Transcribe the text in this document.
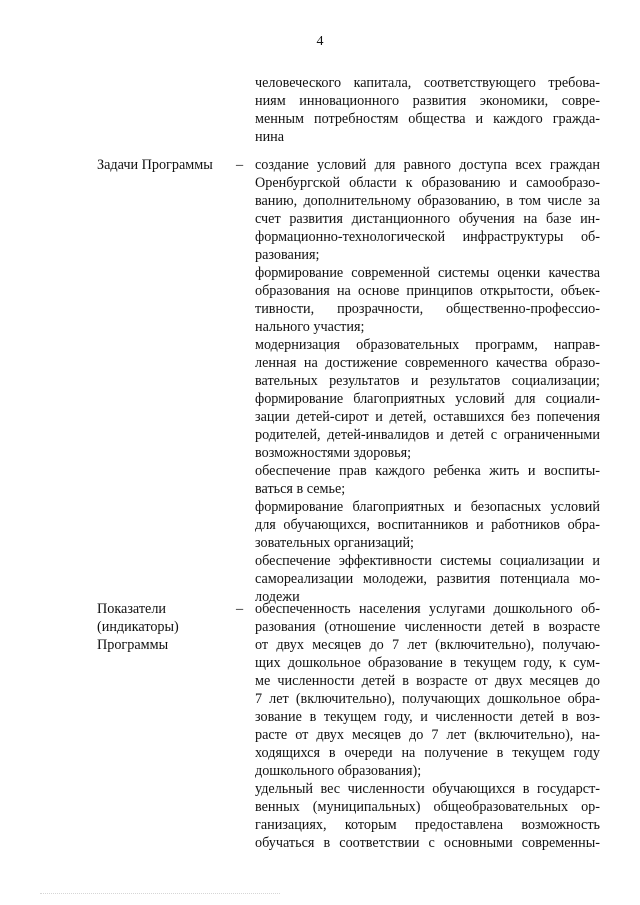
4
человеческого капитала, соответствующего требова-
ниям инновационного развития экономики, совре-
менным потребностям общества и каждого гражда-
нина
Задачи Программы	– создание условий для равного доступа всех граждан
Оренбургской области к образованию и самообразо-
ванию, дополнительному образованию, в том числе за
счет развития дистанционного обучения на базе ин-
формационно-технологической инфраструктуры об-
разования;
формирование современной системы оценки качества
образования на основе принципов открытости, объек-
тивности, прозрачности, общественно-профессио-
нального участия;
модернизация образовательных программ, направ-
ленная на достижение современного качества образо-
вательных результатов и результатов социализации;
формирование благоприятных условий для социали-
зации детей-сирот и детей, оставшихся без попечения
родителей, детей-инвалидов и детей с ограниченными
возможностями здоровья;
обеспечение прав каждого ребенка жить и воспиты-
ваться в семье;
формирование благоприятных и безопасных условий
для обучающихся, воспитанников и работников обра-
зовательных организаций;
обеспечение эффективности системы социализации и
самореализации молодежи, развития потенциала мо-
лодежи
Показатели
(индикаторы)
Программы
– обеспеченность населения услугами дошкольного об-
разования (отношение численности детей в возрасте
от двух месяцев до 7 лет (включительно), получаю-
щих дошкольное образование в текущем году, к сум-
ме численности детей в возрасте от двух месяцев до
7 лет (включительно), получающих дошкольное обра-
зование в текущем году, и численности детей в воз-
расте от двух месяцев до 7 лет (включительно), на-
ходящихся в очереди на получение в текущем году
дошкольного образования);
удельный вес численности обучающихся в государст-
венных (муниципальных) общеобразовательных ор-
ганизациях, которым предоставлена возможность
обучаться в соответствии с основными современны-
